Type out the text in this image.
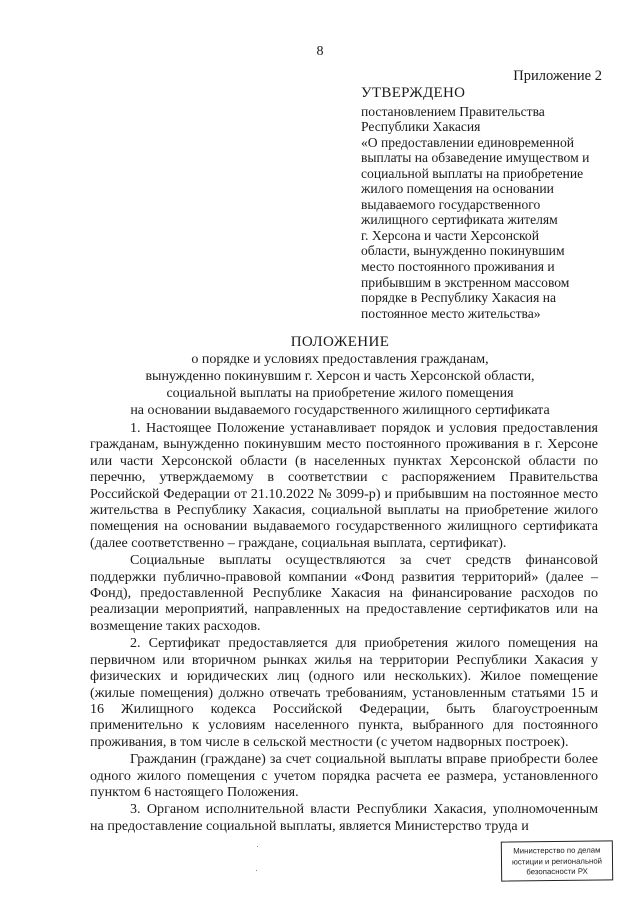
8
Приложение 2
УТВЕРЖДЕНО
постановлением Правительства
Республики Хакасия
«О предоставлении единовременной
выплаты на обзаведение имуществом и
социальной выплаты на приобретение
жилого помещения на основании
выдаваемого государственного
жилищного сертификата жителям
г. Херсона и части Херсонской
области, вынужденно покинувшим
место постоянного проживания и
прибывшим в экстренном массовом
порядке в Республику Хакасия на
постоянное место жительства»
ПОЛОЖЕНИЕ
о порядке и условиях предоставления гражданам,
вынужденно покинувшим г. Херсон и часть Херсонской области,
социальной выплаты на приобретение жилого помещения
на основании выдаваемого государственного жилищного сертификата

1. Настоящее Положение устанавливает порядок и условия предоставления гражданам, вынужденно покинувшим место постоянного проживания в г. Херсоне или части Херсонской области (в населенных пунктах Херсонской области по перечню, утверждаемому в соответствии с распоряжением Правительства Российской Федерации от 21.10.2022 № 3099-р) и прибывшим на постоянное место жительства в Республику Хакасия, социальной выплаты на приобретение жилого помещения на основании выдаваемого государственного жилищного сертификата (далее соответственно – граждане, социальная выплата, сертификат).

Социальные выплаты осуществляются за счет средств финансовой поддержки публично-правовой компании «Фонд развития территорий» (далее – Фонд), предоставленной Республике Хакасия на финансирование расходов по реализации мероприятий, направленных на предоставление сертификатов или на возмещение таких расходов.

2. Сертификат предоставляется для приобретения жилого помещения на первичном или вторичном рынках жилья на территории Республики Хакасия у физических и юридических лиц (одного или нескольких). Жилое помещение (жилые помещения) должно отвечать требованиям, установленным статьями 15 и 16 Жилищного кодекса Российской Федерации, быть благоустроенным применительно к условиям населенного пункта, выбранного для постоянного проживания, в том числе в сельской местности (с учетом надворных построек).

Гражданин (граждане) за счет социальной выплаты вправе приобрести более одного жилого помещения с учетом порядка расчета ее размера, установленного пунктом 6 настоящего Положения.

3. Органом исполнительной власти Республики Хакасия, уполномоченным на предоставление социальной выплаты, является Министерство труда и

Министерство по делам
юстиции и региональной
безопасности РХ
